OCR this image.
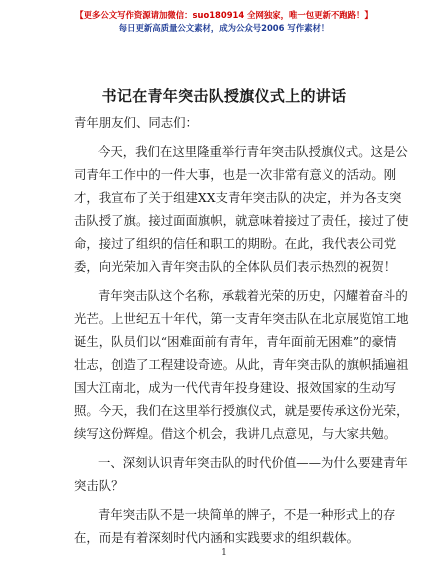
【更多公文写作资源请加微信：suo180914 全网独家，唯一包更新不跑路！】
每日更新高质量公文素材，成为公众号2006 写作素材！
书记在青年突击队授旗仪式上的讲话
青年朋友们、同志们：
今天，我们在这里隆重举行青年突击队授旗仪式。这是公
司青年工作中的一件大事，也是一次非常有意义的活动。刚
才，我宣布了关于组建XX支青年突击队的决定，并为各支突
击队授了旗。接过面面旗帜，就意味着接过了责任，接过了使
命，接过了组织的信任和职工的期盼。在此，我代表公司党
委，向光荣加入青年突击队的全体队员们表示热烈的祝贺！
青年突击队这个名称，承载着光荣的历史，闪耀着奋斗的
光芒。上世纪五十年代，第一支青年突击队在北京展览馆工地
诞生，队员们以“困难面前有青年，青年面前无困难”的豪情
壮志，创造了工程建设奇迹。从此，青年突击队的旗帜插遍祖
国大江南北，成为一代代青年投身建设、报效国家的生动写
照。今天，我们在这里举行授旗仪式，就是要传承这份光荣，
续写这份辉煌。借这个机会，我讲几点意见，与大家共勉。
一、深刻认识青年突击队的时代价值——为什么要建青年
突击队？
青年突击队不是一块简单的牌子，不是一种形式上的存
在，而是有着深刻时代内涵和实践要求的组织载体。
1
